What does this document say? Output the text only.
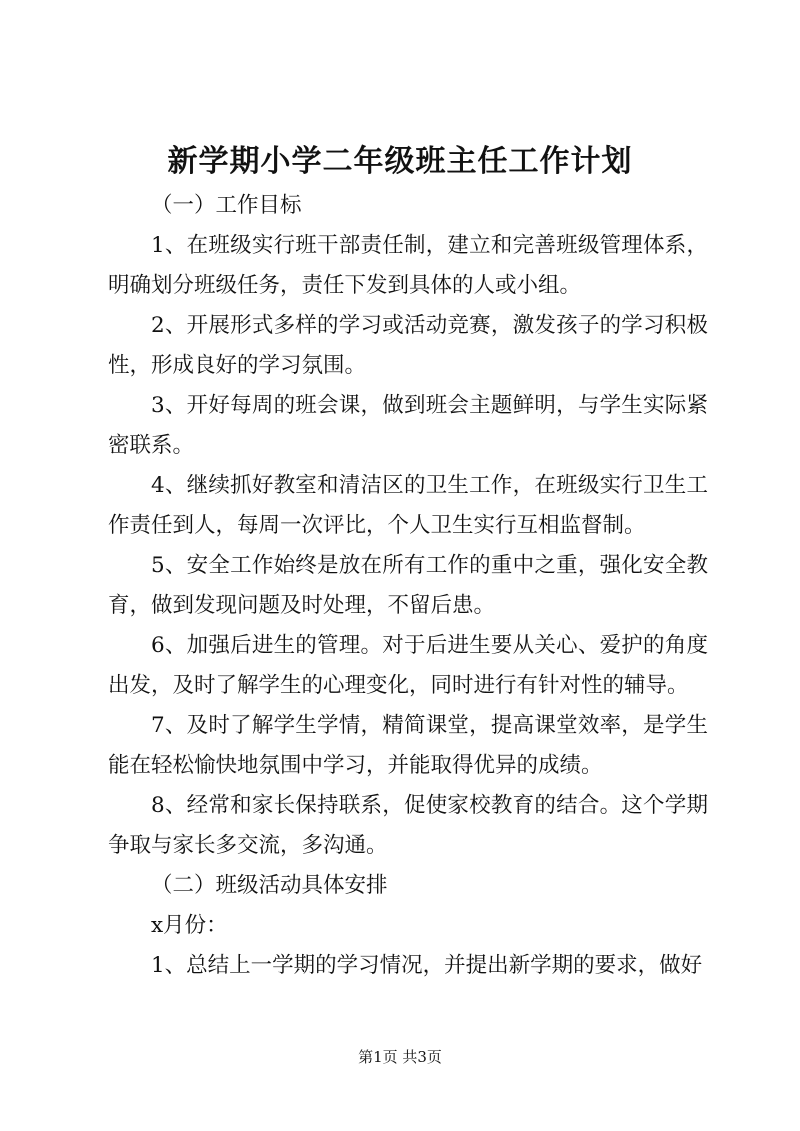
新学期小学二年级班主任工作计划

（一）工作目标

1、在班级实行班干部责任制，建立和完善班级管理体系，明确划分班级任务，责任下发到具体的人或小组。

2、开展形式多样的学习或活动竞赛，激发孩子的学习积极性，形成良好的学习氛围。

3、开好每周的班会课，做到班会主题鲜明，与学生实际紧密联系。

4、继续抓好教室和清洁区的卫生工作，在班级实行卫生工作责任到人，每周一次评比，个人卫生实行互相监督制。

5、安全工作始终是放在所有工作的重中之重，强化安全教育，做到发现问题及时处理，不留后患。

6、加强后进生的管理。对于后进生要从关心、爱护的角度出发，及时了解学生的心理变化，同时进行有针对性的辅导。

7、及时了解学生学情，精简课堂，提高课堂效率，是学生能在轻松愉快地氛围中学习，并能取得优异的成绩。

8、经常和家长保持联系，促使家校教育的结合。这个学期争取与家长多交流，多沟通。

（二）班级活动具体安排

x月份：

1、总结上一学期的学习情况，并提出新学期的要求，做好

第1页 共3页
